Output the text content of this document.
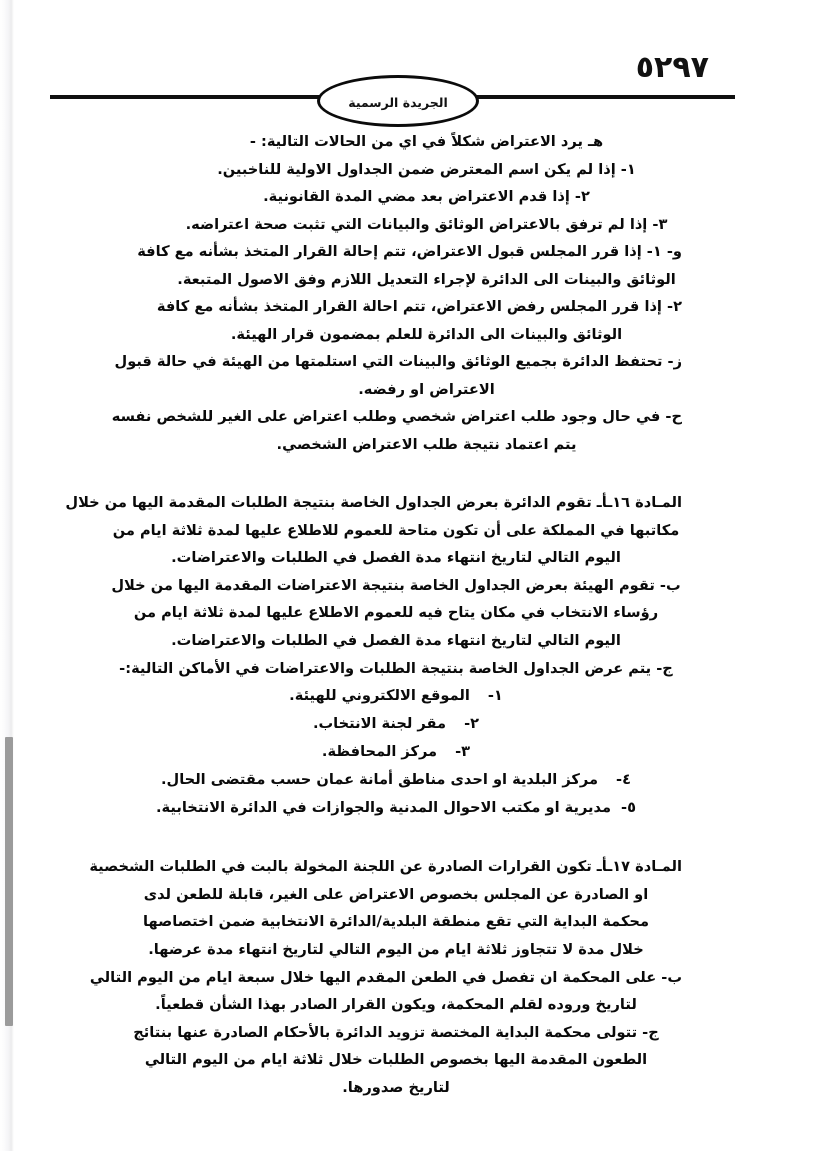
٥٢٩٧
الجريدة الرسمية
هـ يرد الاعتراض شكلاً في اي من الحالات التالية: -
١- إذا لم يكن اسم المعترض ضمن الجداول الاولية للناخبين.
٢- إذا قدم الاعتراض بعد مضي المدة القانونية.
٣- إذا لم ترفق بالاعتراض الوثائق والبيانات التي تثبت صحة اعتراضه.
و- ١- إذا قرر المجلس قبول الاعتراض، تتم إحالة القرار المتخذ بشأنه مع كافة
الوثائق والبينات الى الدائرة لإجراء التعديل اللازم وفق الاصول المتبعة.
٢- إذا قرر المجلس رفض الاعتراض، تتم احالة القرار المتخذ بشأنه مع كافة
الوثائق والبينات الى الدائرة للعلم بمضمون قرار الهيئة.
ز- تحتفظ الدائرة بجميع الوثائق والبينات التي استلمتها من الهيئة في حالة قبول
الاعتراض او رفضه.
ح- في حال وجود طلب اعتراض شخصي وطلب اعتراض على الغير للشخص نفسه
يتم اعتماد نتيجة طلب الاعتراض الشخصي.
المـادة ١٦ـأـ تقوم الدائرة بعرض الجداول الخاصة بنتيجة الطلبات المقدمة اليها من خلال
مكاتبها في المملكة على أن تكون متاحة للعموم للاطلاع عليها لمدة ثلاثة ايام من
اليوم التالي لتاريخ انتهاء مدة الفصل في الطلبات والاعتراضات.
ب- تقوم الهيئة بعرض الجداول الخاصة بنتيجة الاعتراضات المقدمة اليها من خلال
رؤساء الانتخاب في مكان يتاح فيه للعموم الاطلاع عليها لمدة ثلاثة ايام من
اليوم التالي لتاريخ انتهاء مدة الفصل في الطلبات والاعتراضات.
ج- يتم عرض الجداول الخاصة بنتيجة الطلبات والاعتراضات في الأماكن التالية:-
١-الموقع الالكتروني للهيئة.
٢-مقر لجنة الانتخاب.
٣-مركز المحافظة.
٤-مركز البلدية او احدى مناطق أمانة عمان حسب مقتضى الحال.
٥-مديرية او مكتب الاحوال المدنية والجوازات في الدائرة الانتخابية.
المـادة ١٧ـأـ تكون القرارات الصادرة عن اللجنة المخولة بالبت في الطلبات الشخصية
او الصادرة عن المجلس بخصوص الاعتراض على الغير، قابلة للطعن لدى
محكمة البداية التي تقع منطقة البلدية/الدائرة الانتخابية ضمن اختصاصها
خلال مدة لا تتجاوز ثلاثة ايام من اليوم التالي لتاريخ انتهاء مدة عرضها.
ب- على المحكمة ان تفصل في الطعن المقدم اليها خلال سبعة ايام من اليوم التالي
لتاريخ وروده لقلم المحكمة، ويكون القرار الصادر بهذا الشأن قطعياً.
ج- تتولى محكمة البداية المختصة تزويد الدائرة بالأحكام الصادرة عنها بنتائج
الطعون المقدمة اليها بخصوص الطلبات خلال ثلاثة ايام من اليوم التالي
لتاريخ صدورها.
